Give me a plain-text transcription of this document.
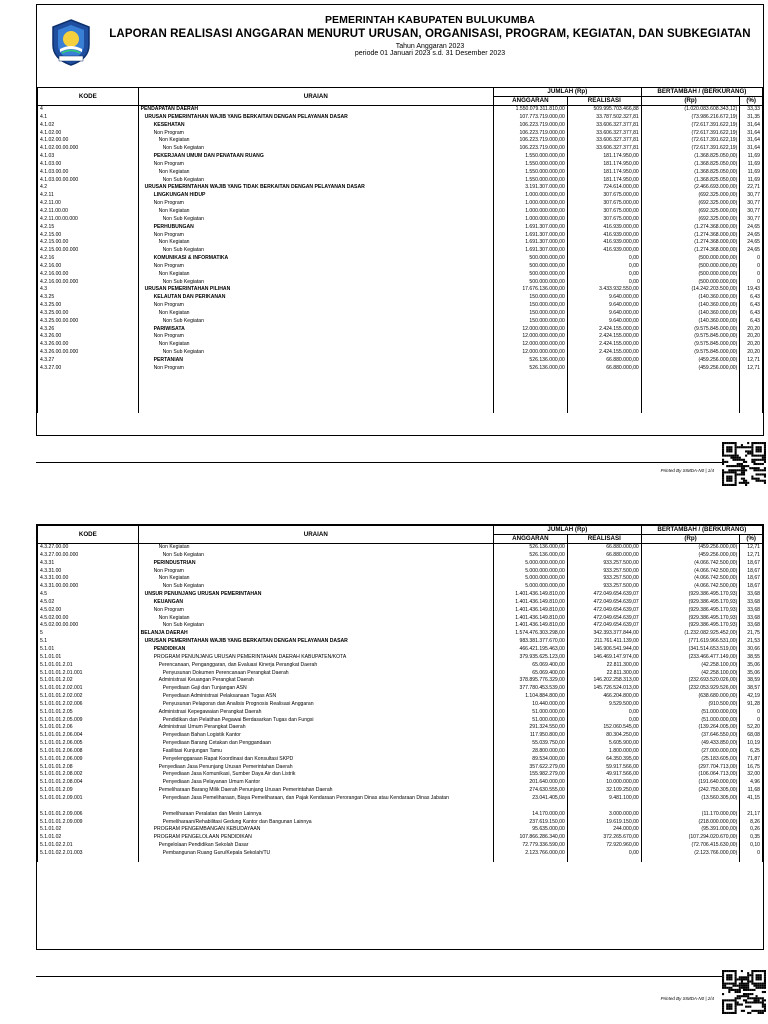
PEMERINTAH KABUPATEN BULUKUMBA
LAPORAN REALISASI ANGGARAN MENURUT URUSAN, ORGANISASI, PROGRAM, KEGIATAN, DAN SUBKEGIATAN
Tahun Anggaran 2023
periode 01 Januari 2023 s.d. 31 Desember 2023
KODE	URAIAN	JUMLAH (Rp)		BERTAMBAH / (BERKURANG)	
		ANGGARAN	REALISASI	(Rp)	(%)
4	PENDAPATAN DAERAH	1.550.079.311.810,00	509.995.703.466,88	(1.020.083.608.343,12)	33,33
4.1	URUSAN PEMERINTAHAN WAJIB YANG BERKAITAN DENGAN PELAYANAN DASAR	107.773.719.000,00	33.787.502.327,81	(73.986.216.672,19)	31,35
4.1.02	KESEHATAN	106.223.719.000,00	33.606.327.377,81	(72.617.391.622,19)	31,64
4.1.02.00	Non Program	106.223.719.000,00	33.606.327.377,81	(72.617.391.622,19)	31,64
4.1.02.00.00	Non Kegiatan	106.223.719.000,00	33.606.327.377,81	(72.617.391.622,19)	31,64
4.1.02.00.00.000	Non Sub Kegiatan	106.223.719.000,00	33.606.327.377,81	(72.617.391.622,19)	31,64
4.1.03	PEKERJAAN UMUM DAN PENATAAN RUANG	1.550.000.000,00	181.174.950,00	(1.368.825.050,00)	11,69
4.1.03.00	Non Program	1.550.000.000,00	181.174.950,00	(1.368.825.050,00)	11,69
4.1.03.00.00	Non Kegiatan	1.550.000.000,00	181.174.950,00	(1.368.825.050,00)	11,69
4.1.03.00.00.000	Non Sub Kegiatan	1.550.000.000,00	181.174.950,00	(1.368.825.050,00)	11,69
4.2	URUSAN PEMERINTAHAN WAJIB YANG TIDAK BERKAITAN DENGAN PELAYANAN DASAR	3.191.307.000,00	724.614.000,00	(2.466.693.000,00)	22,71
4.2.11	LINGKUNGAN HIDUP	1.000.000.000,00	307.675.000,00	(692.325.000,00)	30,77
4.2.11.00	Non Program	1.000.000.000,00	307.675.000,00	(692.325.000,00)	30,77
4.2.11.00.00	Non Kegiatan	1.000.000.000,00	307.675.000,00	(692.325.000,00)	30,77
4.2.11.00.00.000	Non Sub Kegiatan	1.000.000.000,00	307.675.000,00	(692.325.000,00)	30,77
4.2.15	PERHUBUNGAN	1.691.307.000,00	416.939.000,00	(1.274.368.000,00)	24,65
4.2.15.00	Non Program	1.691.307.000,00	416.939.000,00	(1.274.368.000,00)	24,65
4.2.15.00.00	Non Kegiatan	1.691.307.000,00	416.939.000,00	(1.274.368.000,00)	24,65
4.2.15.00.00.000	Non Sub Kegiatan	1.691.307.000,00	416.939.000,00	(1.274.368.000,00)	24,65
4.2.16	KOMUNIKASI & INFORMATIKA	500.000.000,00	0,00	(500.000.000,00)	0
4.2.16.00	Non Program	500.000.000,00	0,00	(500.000.000,00)	0
4.2.16.00.00	Non Kegiatan	500.000.000,00	0,00	(500.000.000,00)	0
4.2.16.00.00.000	Non Sub Kegiatan	500.000.000,00	0,00	(500.000.000,00)	0
4.3	URUSAN PEMERINTAHAN PILIHAN	17.676.136.000,00	3.433.932.550,00	(14.242.203.500,00)	19,43
4.3.25	KELAUTAN DAN PERIKANAN	150.000.000,00	9.640.000,00	(140.360.000,00)	6,43
4.3.25.00	Non Program	150.000.000,00	9.640.000,00	(140.360.000,00)	6,43
4.3.25.00.00	Non Kegiatan	150.000.000,00	9.640.000,00	(140.360.000,00)	6,43
4.3.25.00.00.000	Non Sub Kegiatan	150.000.000,00	9.640.000,00	(140.360.000,00)	6,43
4.3.26	PARIWISATA	12.000.000.000,00	2.424.155.000,00	(9.575.845.000,00)	20,20
4.3.26.00	Non Program	12.000.000.000,00	2.424.155.000,00	(9.575.845.000,00)	20,20
4.3.26.00.00	Non Kegiatan	12.000.000.000,00	2.424.155.000,00	(9.575.845.000,00)	20,20
4.3.26.00.00.000	Non Sub Kegiatan	12.000.000.000,00	2.424.155.000,00	(9.575.845.000,00)	20,20
4.3.27	PERTANIAN	526.136.000,00	66.880.000,00	(459.256.000,00)	12,71
4.3.27.00	Non Program	526.136.000,00	66.880.000,00	(459.256.000,00)	12,71

Printed By SIMDA-N0 | 1/4
KODE	URAIAN	JUMLAH (Rp)		BERTAMBAH / (BERKURANG)	
		ANGGARAN	REALISASI	(Rp)	(%)
4.3.27.00.00	Non Kegiatan	526.136.000,00	66.880.000,00	(459.256.000,00)	12,71
4.3.27.00.00.000	Non Sub Kegiatan	526.136.000,00	66.880.000,00	(459.256.000,00)	12,71
4.3.31	PERINDUSTRIAN	5.000.000.000,00	933.257.500,00	(4.066.742.500,00)	18,67
4.3.31.00	Non Program	5.000.000.000,00	933.257.500,00	(4.066.742.500,00)	18,67
4.3.31.00.00	Non Kegiatan	5.000.000.000,00	933.257.500,00	(4.066.742.500,00)	18,67
4.3.31.00.00.000	Non Sub Kegiatan	5.000.000.000,00	933.257.500,00	(4.066.742.500,00)	18,67
4.5	UNSUR PENUNJANG URUSAN PEMERINTAHAN	1.401.436.149.810,00	472.049.654.639,07	(929.386.495.170,93)	33,68
4.5.02	KEUANGAN	1.401.436.149.810,00	472.049.654.639,07	(929.386.495.170,93)	33,68
4.5.02.00	Non Program	1.401.436.149.810,00	472.049.654.639,07	(929.386.495.170,93)	33,68
4.5.02.00.00	Non Kegiatan	1.401.436.149.810,00	472.049.654.639,07	(929.386.495.170,93)	33,68
4.5.02.00.00.000	Non Sub Kegiatan	1.401.436.149.810,00	472.049.654.639,07	(929.386.495.170,93)	33,68
5	BELANJA DAERAH	1.574.476.303.298,00	342.393.377.844,00	(1.232.082.925.452,00)	21,75
5.1	URUSAN PEMERINTAHAN WAJIB YANG BERKAITAN DENGAN PELAYANAN DASAR	983.381.377.670,00	211.761.411.139,00	(771.619.966.531,00)	21,53
5.1.01	PENDIDIKAN	466.421.195.463,00	146.906.541.944,00	(341.514.653.519,00)	30,66
5.1.01.01	PROGRAM PENUNJANG URUSAN PEMERINTAHAN DAERAH KABUPATEN/KOTA	379.935.625.123,00	146.469.147.974,00	(233.466.477.149,00)	38,55
5.1.01.01.2.01	Perencanaan, Penganggaran, dan Evaluasi Kinerja Perangkat Daerah	65.069.400,00	22.811.300,00	(42.258.100,00)	35,06
5.1.01.01.2.01.001	Penyusunan Dokumen Perencanaan Perangkat Daerah	65.069.400,00	22.811.300,00	(42.258.100,00)	35,06
5.1.01.01.2.02	Administrasi Keuangan Perangkat Daerah	378.895.776.329,00	146.202.258.313,00	(232.693.520.026,00)	38,59
5.1.01.01.2.02.001	Penyediaan Gaji dan Tunjangan ASN	377.780.453.539,00	145.726.524.013,00	(232.053.929.526,00)	38,57
5.1.01.01.2.02.002	Penyediaan Administrasi Pelaksanaan Tugas ASN	1.104.884.800,00	466.204.800,00	(638.680.000,00)	42,19
5.1.01.01.2.02.006	Penyusunan Pelaporan dan Analisis Prognosis Realisasi Anggaran	10.440.000,00	9.529.500,00	(910.500,00)	91,28
5.1.01.01.2.05	Administrasi Kepegawaian Perangkat Daerah	51.000.000,00	0,00	(51.000.000,00)	0
5.1.01.01.2.05.009	Pendidikan dan Pelatihan Pegawai Berdasarkan Tugas dan Fungsi	51.000.000,00	0,00	(51.000.000,00)	0
5.1.01.01.2.06	Administrasi Umum Perangkat Daerah	291.324.550,00	152.060.545,00	(139.264.005,00)	52,20
5.1.01.01.2.06.004	Penyediaan Bahan Logistik Kantor	117.950.800,00	80.304.250,00	(37.646.550,00)	68,08
5.1.01.01.2.06.005	Penyediaan Barang Cetakan dan Penggandaan	55.039.750,00	5.605.900,00	(49.433.850,00)	10,19
5.1.01.01.2.06.008	Fasilitasi Kunjungan Tamu	28.800.000,00	1.800.000,00	(27.000.000,00)	6,25
5.1.01.01.2.06.009	Penyelenggaraan Rapat Koordinasi dan Konsultasi SKPD	89.534.000,00	64.350.395,00	(25.183.605,00)	71,87
5.1.01.01.2.08	Penyediaan Jasa Penunjang Urusan Pemerintahan Daerah	357.622.279,00	59.917.566,00	(297.704.713,00)	16,75
5.1.01.01.2.08.002	Penyediaan Jasa Komunikasi, Sumber Daya Air dan Listrik	155.982.279,00	49.917.566,00	(106.064.713,00)	32,00
5.1.01.01.2.08.004	Penyediaan Jasa Pelayanan Umum Kantor	201.640.000,00	10.000.000,00	(191.640.000,00)	4,96
5.1.01.01.2.09	Pemeliharaan Barang Milik Daerah Penunjang Urusan Pemerintahan Daerah	274.630.555,00	32.109.250,00	(242.750.305,00)	11,68
5.1.01.01.2.09.001	Penyediaan Jasa Pemeliharaan, Biaya Pemeliharaan, dan Pajak Kendaraan Perorangan Dinas atau Kendaraan Dinas Jabatan	23.041.405,00	9.481.100,00	(13.560.305,00)	41,15
5.1.01.01.2.09.006	Pemeliharaan Peralatan dan Mesin Lainnya	14.170.000,00	3.000.000,00	(11.170.000,00)	21,17
5.1.01.01.2.09.009	Pemeliharaan/Rehabilitasi Gedung Kantor dan Bangunan Lainnya	237.619.150,00	19.619.150,00	(218.000.000,00)	8,26
5.1.01.02	PROGRAM PENGEMBANGAN KEBUDAYAAN	95.635.000,00	244.000,00	(95.391.000,00)	0,26
5.1.01.02	PROGRAM PENGELOLAAN PENDIDIKAN	107.866.286.340,00	372.265.670,00	(107.294.020.670,00)	0,35
5.1.01.02.2.01	Pengelolaan Pendidikan Sekolah Dasar	72.779.336.590,00	72.920.960,00	(72.706.415.630,00)	0,10
5.1.01.02.2.01.003	Pembangunan Ruang Guru/Kepala Sekolah/TU	2.123.766.000,00	0,00	(2.123.766.000,00)	0

Printed By SIMDA-N0 | 2/4
